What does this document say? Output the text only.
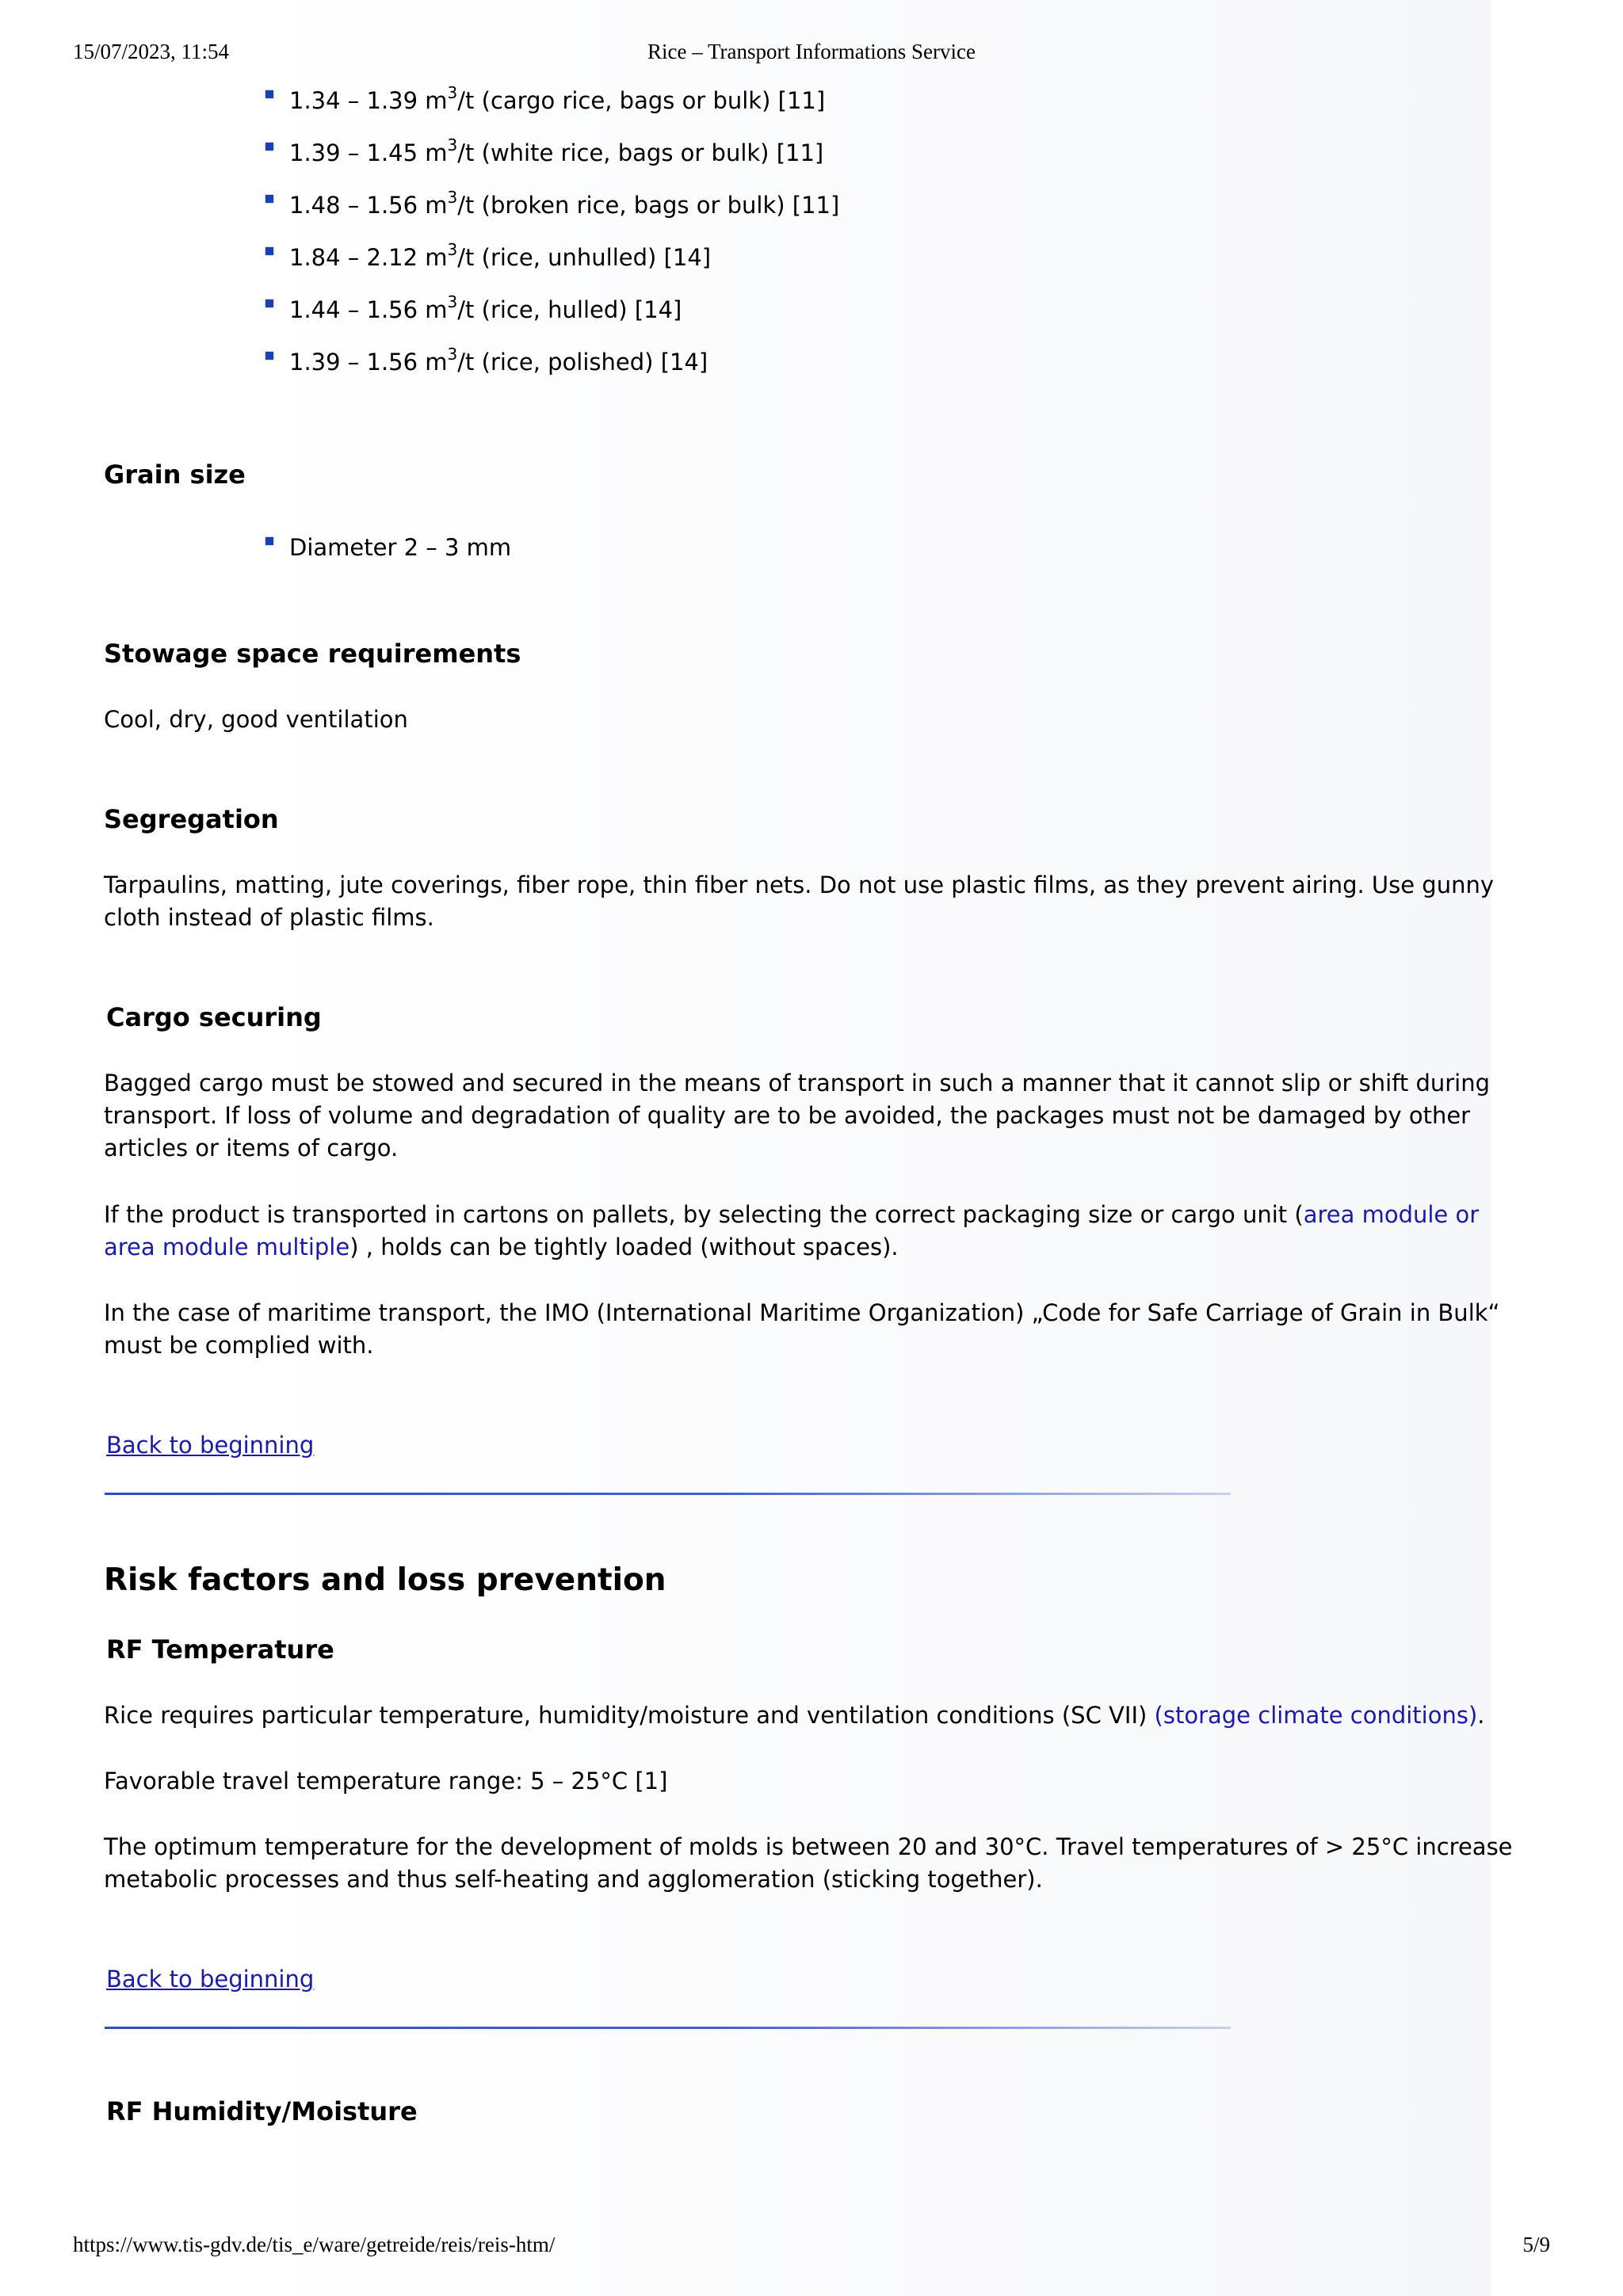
15/07/2023, 11:54	Rice – Transport Informations Service
1.34 – 1.39 $m^3/t$ (cargo rice, bags or bulk) [11]
1.39 – 1.45 $m^3/t$ (white rice, bags or bulk) [11]
1.48 – 1.56 $m^3/t$ (broken rice, bags or bulk) [11]
1.84 – 2.12 $m^3/t$ (rice, unhulled) [14]
1.44 – 1.56 $m^3/t$ (rice, hulled) [14]
1.39 – 1.56 $m^3/t$ (rice, polished) [14]
Grain size
Diameter 2 – 3 mm
Stowage space requirements
Cool, dry, good ventilation
Segregation
Tarpaulins, matting, jute coverings, fiber rope, thin fiber nets. Do not use plastic films, as they prevent airing. Use gunny cloth instead of plastic films.
Cargo securing
Bagged cargo must be stowed and secured in the means of transport in such a manner that it cannot slip or shift during transport. If loss of volume and degradation of quality are to be avoided, the packages must not be damaged by other articles or items of cargo.
If the product is transported in cartons on pallets, by selecting the correct packaging size or cargo unit (area module or area module multiple) , holds can be tightly loaded (without spaces).
In the case of maritime transport, the IMO (International Maritime Organization) „Code for Safe Carriage of Grain in Bulk“ must be complied with.
Back to beginning
Risk factors and loss prevention
RF Temperature
Rice requires particular temperature, humidity/moisture and ventilation conditions (SC VII) (storage climate conditions).
Favorable travel temperature range: 5 – 25°C [1]
The optimum temperature for the development of molds is between 20 and 30°C. Travel temperatures of > 25°C increase metabolic processes and thus self-heating and agglomeration (sticking together).
Back to beginning
RF Humidity/Moisture
https://www.tis-gdv.de/tis_e/ware/getreide/reis/reis-htm/	5/9
